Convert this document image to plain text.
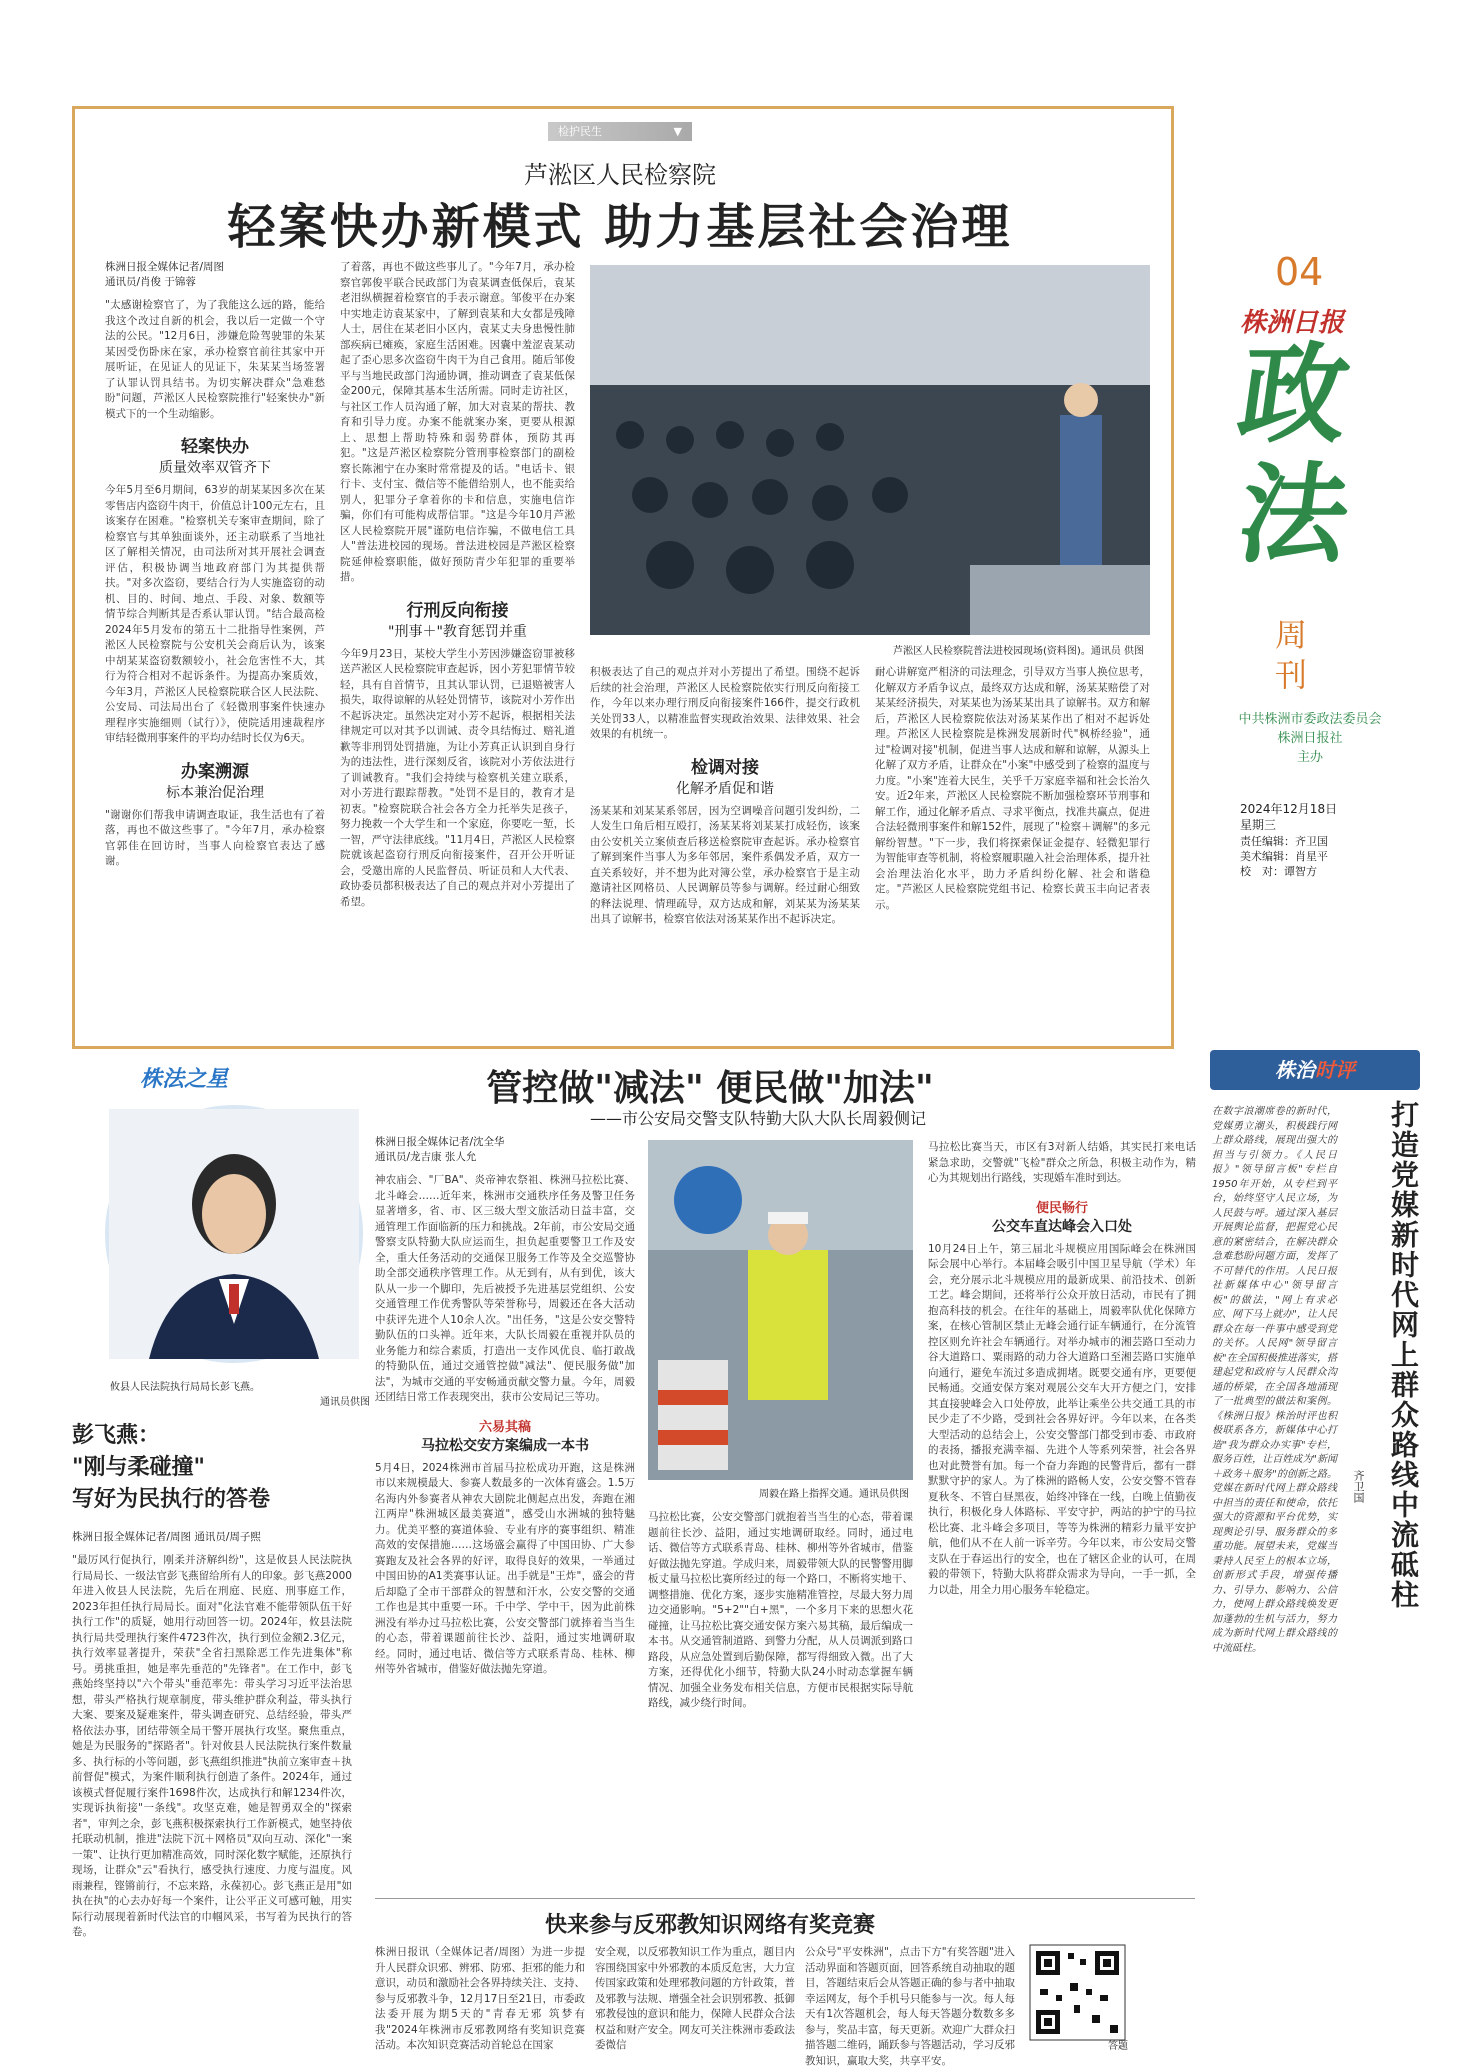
检护民生	▼
芦淞区人民检察院
轻案快办新模式 助力基层社会治理
株洲日报全媒体记者/周图
通讯员/肖俊 于锦蓉
"太感谢检察官了，为了我能这么远的路，能给我这个改过自新的机会，我以后一定做一个守法的公民。"12月6日，涉嫌危险驾驶罪的朱某某因受伤卧床在家，承办检察官前往其家中开展听证，在见证人的见证下，朱某某当场签署了认罪认罚具结书。为切实解决群众"急难愁盼"问题，芦淞区人民检察院推行"轻案快办"新模式下的一个生动缩影。
轻案快办
质量效率双管齐下
今年5月至6月期间，63岁的胡某某因多次在某零售店内盗窃牛肉干，价值总计100元左右，且该案存在困难。"检察机关专案审查期间，除了检察官与其单独面谈外，还主动联系了当地社区了解相关情况，由司法所对其开展社会调查评估，积极协调当地政府部门为其提供帮扶。"对多次盗窃，要结合行为人实施盗窃的动机、目的、时间、地点、手段、对象、数额等情节综合判断其是否系认罪认罚。"结合最高检2024年5月发布的第五十二批指导性案例，芦淞区人民检察院与公安机关会商后认为，该案中胡某某盗窃数额较小，社会危害性不大，其行为符合相对不起诉条件。为提高办案质效，今年3月，芦淞区人民检察院联合区人民法院、公安局、司法局出台了《轻微刑事案件快速办理程序实施细则（试行）》，使院适用速裁程序审结轻微刑事案件的平均办结时长仅为6天。
办案溯源
标本兼治促治理
"谢谢你们帮我申请调查取证，我生活也有了着落，再也不做这些事了。"今年7月，承办检察官郭佳在回访时，当事人向检察官表达了感谢。
了着落，再也不做这些事儿了。"今年7月，承办检察官郭俊平联合民政部门为袁某调查低保后，袁某老泪纵横握着检察官的手表示谢意。邹俊平在办案中实地走访袁某家中，了解到袁某和大女都是残障人士，居住在某老旧小区内，袁某丈夫身患慢性肺部疾病已瘫痪，家庭生活困难。因囊中羞涩袁某动起了歪心思多次盗窃牛肉干为自己食用。随后邹俊平与当地民政部门沟通协调，推动调查了袁某低保金200元，保障其基本生活所需。同时走访社区，与社区工作人员沟通了解，加大对袁某的帮扶、教育和引导力度。办案不能就案办案，更要从根源上、思想上帮助特殊和弱势群体，预防其再犯。"这是芦淞区检察院分管刑事检察部门的副检察长陈湘宁在办案时常常提及的话。"电话卡、银行卡、支付宝、微信等不能借给别人，也不能卖给别人，犯罪分子拿着你的卡和信息，实施电信诈骗，你们有可能构成帮信罪。"这是今年10月芦淞区人民检察院开展"谨防电信诈骗，不做电信工具人"普法进校园的现场。普法进校园是芦淞区检察院延伸检察职能，做好预防青少年犯罪的重要举措。
行刑反向衔接
"刑事＋"教育惩罚并重
今年9月23日，某校大学生小芳因涉嫌盗窃罪被移送芦淞区人民检察院审查起诉，因小芳犯罪情节较轻，具有自首情节，且其认罪认罚，已退赔被害人损失，取得谅解的从轻处罚情节，该院对小芳作出不起诉决定。虽然决定对小芳不起诉，根据相关法律规定可以对其予以训诫、责令具结悔过、赔礼道歉等非刑罚处罚措施，为让小芳真正认识到自身行为的违法性，进行深刻反省，该院对小芳依法进行了训诫教育。"我们会持续与检察机关建立联系，对小芳进行跟踪帮教。"处罚不是目的，教育才是初衷。"检察院联合社会各方全力托举失足孩子，努力挽救一个大学生和一个家庭，你要吃一堑，长一智，严守法律底线。"11月4日，芦淞区人民检察院就该起盗窃行刑反向衔接案件，召开公开听证会，受邀出席的人民监督员、听证员和人大代表、政协委员都积极表达了自己的观点并对小芳提出了希望。
芦淞区人民检察院普法进校园现场(资料图)。通讯员 供图
积极表达了自己的观点并对小芳提出了希望。围绕不起诉后续的社会治理，芦淞区人民检察院依实行刑反向衔接工作，今年以来办理行刑反向衔接案件166件，提交行政机关处罚33人，以精准监督实现政治效果、法律效果、社会效果的有机统一。
检调对接
化解矛盾促和谐
汤某某和刘某某系邻居，因为空调噪音问题引发纠纷，二人发生口角后相互殴打，汤某某将刘某某打成轻伤，该案由公安机关立案侦查后移送检察院审查起诉。承办检察官了解到案件当事人为多年邻居，案件系偶发矛盾，双方一直关系较好，并不想为此对簿公堂，承办检察官于是主动邀请社区网格员、人民调解员等参与调解。经过耐心细致的释法说理、情理疏导，双方达成和解，刘某某为汤某某出具了谅解书，检察官依法对汤某某作出不起诉决定。
耐心讲解宽严相济的司法理念，引导双方当事人换位思考，化解双方矛盾争议点，最终双方达成和解，汤某某赔偿了对某某经济损失，对某某也为汤某某出具了谅解书。双方和解后，芦淞区人民检察院依法对汤某某作出了相对不起诉处理。芦淞区人民检察院是株洲发展新时代"枫桥经验"，通过"检调对接"机制，促进当事人达成和解和谅解，从源头上化解了双方矛盾，让群众在"小案"中感受到了检察的温度与力度。"小案"连着大民生，关乎千万家庭幸福和社会长治久安。近2年来，芦淞区人民检察院不断加强检察环节刑事和解工作，通过化解矛盾点、寻求平衡点，找准共赢点，促进合法轻微刑事案件和解152件，展现了"检察＋调解"的多元解纷智慧。"下一步，我们将探索保证金提存、轻微犯罪行为智能审查等机制，将检察履职融入社会治理体系，提升社会治理法治化水平，助力矛盾纠纷化解、社会和谐稳定。"芦淞区人民检察院党组书记、检察长黄玉丰向记者表示。
04
株洲日报
政
法
周
刊
中共株洲市委政法委员会
株洲日报社
主办
2024年12月18日
星期三
责任编辑：齐卫国
美术编辑：肖星平
校　对：谭智方
株法之星
攸县人民法院执行局局长彭飞燕。
通讯员供图
彭飞燕：
"刚与柔碰撞"
写好为民执行的答卷
株洲日报全媒体记者/周图 通讯员/周子熙
"最厉风行促执行，刚柔并济解纠纷"，这是攸县人民法院执行局局长、一级法官彭飞燕留给所有人的印象。彭飞燕2000年进入攸县人民法院，先后在刑庭、民庭、刑事庭工作，2023年担任执行局局长。面对"化法官难不能带领队伍干好执行工作"的质疑，她用行动回答一切。2024年，攸县法院执行局共受理执行案件4723件次，执行到位金额2.3亿元，执行效率显著提升，荣获"全省扫黑除恶工作先进集体"称号。勇挑重担，她是率先垂范的"先锋者"。在工作中，彭飞燕始终坚持以"六个带头"垂范率先：带头学习习近平法治思想，带头严格执行规章制度，带头维护群众利益，带头执行大案、要案及疑难案件，带头调查研究、总结经验，带头严格依法办事，团结带领全局干警开展执行攻坚。聚焦重点，她是为民服务的"探路者"。针对攸县人民法院执行案件数量多、执行标的小等问题，彭飞燕组织推进"执前立案审查＋执前督促"模式，为案件顺利执行创造了条件。2024年，通过该模式督促履行案件1698件次，达成执行和解1234件次，实现诉执衔接"一条线"。攻坚克难，她是智勇双全的"探索者"，审判之余，彭飞燕积极探索执行工作新模式，她坚持依托联动机制，推进"法院下沉＋网格员"双向互动、深化"一案一策"、让执行更加精准高效，同时深化数字赋能，还原执行现场，让群众"云"看执行，感受执行速度、力度与温度。风雨兼程，铿锵前行，不忘来路，永葆初心。彭飞燕正是用"如执在执"的心去办好每一个案件，让公平正义可感可触，用实际行动展现着新时代法官的巾帼风采，书写着为民执行的答卷。
管控做"减法" 便民做"加法"
——市公安局交警支队特勤大队大队长周毅侧记
株洲日报全媒体记者/沈全华
通讯员/龙吉康 张人允
神农庙会、"厂BA"、炎帝神农祭祖、株洲马拉松比赛、北斗峰会……近年来，株洲市交通秩序任务及警卫任务显著增多，省、市、区三级大型文旅活动日益丰富，交通管理工作面临新的压力和挑战。2年前，市公安局交通警察支队特勤大队应运而生，担负起重要警卫工作及安全，重大任务活动的交通保卫服务工作等及全交巡警协助全部交通秩序管理工作。从无到有，从有到优，该大队从一步一个脚印，先后被授予先进基层党组织、公安交通管理工作优秀警队等荣誉称号，周毅还在各大活动中获评先进个人10余人次。"出任务，"这是公安交警特勤队伍的口头禅。近年来，大队长周毅在重视并队员的业务能力和综合素质，打造出一支作风优良、临打敢战的特勤队伍，通过交通管控做"减法"、便民服务做"加法"，为城市交通的平安畅通贡献交警力量。今年，周毅还团结日常工作表现突出，获市公安局记三等功。
六易其稿
马拉松交安方案编成一本书
5月4日，2024株洲市首届马拉松成功开跑，这是株洲市以来规模最大、参赛人数最多的一次体育盛会。1.5万名海内外参赛者从神农大剧院北侧起点出发，奔跑在湘江两岸"株洲城区最美赛道"，感受山水洲城的独特魅力。优美平整的赛道体验、专业有序的赛事组织、精准高效的安保措施……这场盛会赢得了中国田协、广大参赛跑友及社会各界的好评，取得良好的效果，一举通过中国田协的A1类赛事认证。出手就是"王炸"，盛会的背后却隐了全市干部群众的智慧和汗水，公安交警的交通工作也是其中重要一环。千中学、学中干，因为此前株洲没有举办过马拉松比赛，公安交警部门就捧着当当生的心态，带着课题前往长沙、益阳，通过实地调研取经。同时，通过电话、微信等方式联系青岛、桂林、柳州等外省城市，借鉴好做法抛先穿道。
周毅在路上指挥交通。通讯员供图
马拉松比赛，公安交警部门就抱着当当生的心态，带着课题前往长沙、益阳，通过实地调研取经。同时，通过电话、微信等方式联系青岛、桂林、柳州等外省城市，借鉴好做法抛先穿道。学成归来，周毅带领大队的民警警用脚板丈量马拉松比赛所经过的每一个路口，不断将实地干、调整措施、优化方案，逐步实施精准管控，尽最大努力周边交通影响。"5+2""白+黑"，一个多月下来的思想火花碰撞，让马拉松比赛交通安保方案六易其稿，最后编成一本书。从交通管制道路、到警力分配，从人员调派到路口路段，从应急处置到后勤保障，都写得细致入微。出了大方案，还得优化小细节，特勤大队24小时动态掌握车辆情况、加强全业务发布相关信息，方便市民根据实际导航路线，减少绕行时间。
马拉松比赛当天，市区有3对新人结婚，其实民打来电话紧急求助，交警就"飞检"群众之所急，积极主动作为，精心为其规划出行路线，实现婚车准时到达。
便民畅行
公交车直达峰会入口处
10月24日上午，第三届北斗规模应用国际峰会在株洲国际会展中心举行。本届峰会吸引中国卫星导航（学术）年会，充分展示北斗规模应用的最新成果、前沿技术、创新工艺。峰会期间，还将举行公众开放日活动，市民有了拥抱高科技的机会。在往年的基础上，周毅率队优化保障方案，在核心管制区禁止无峰会通行证车辆通行，在分流管控区则允许社会车辆通行。对举办城市的湘芸路口至动力谷大道路口、粟雨路的动力谷大道路口至湘芸路口实施单向通行，避免车流过多造成拥堵。既要交通有序，更要便民畅通。交通安保方案对观展公交车大开方便之门，安排其直接驶峰会入口处停放，此举让乘坐公共交通工具的市民少走了不少路，受到社会各界好评。今年以来，在各类大型活动的总结会上，公安交警部门都受到市委、市政府的表扬，播报充满幸福、先进个人等系列荣誉，社会各界也对此赞誉有加。每一个奋力奔跑的民警背后，都有一群默默守护的家人。为了株洲的路畅人安，公安交警不管春夏秋冬、不管白昼黑夜，始终冲锋在一线，白晚上值勤夜执行，积极化身人体路标、平安守护，两站的护宁的马拉松比赛、北斗峰会多项目，等等为株洲的精彩力量平安护航，他们从不在人前一诉辛劳。今年以来，市公安局交警支队在于春运出行的安全，也在了辖区企业的认可，在周毅的带领下，特勤大队将群众需求为导向，一手一抓，全力以赴，用全力用心服务车轮稳定。
快来参与反邪教知识网络有奖竞赛
株洲日报讯（全媒体记者/周图）为进一步提升人民群众识邪、辨邪、防邪、拒邪的能力和意识，动员和激励社会各界持续关注、支持、参与反邪教斗争，12月17日至21日，市委政法委开展为期5天的"青春无邪 筑梦有我"2024年株洲市反邪教网络有奖知识竞赛活动。本次知识竞赛活动首轮总在国家
安全观，以反邪教知识工作为重点，题目内容围绕国家中外邪教的本质反危害，大力宣传国家政策和处理邪教问题的方针政策，普及邪教与法规、增强全社会识别邪教、抵御邪教侵蚀的意识和能力，保障人民群众合法权益和财产安全。网友可关注株洲市委政法委微信
公众号"平安株洲"，点击下方"有奖答题"进入活动界面和答题页面，回答系统自动抽取的题目，答题结束后会从答题正确的参与者中抽取幸运网友，每个手机号只能参与一次。每人每天有1次答题机会，每人每天答题分数数多多参与，奖品丰富，每天更新。欢迎广大群众扫描答题二维码，踊跃参与答题活动，学习反邪教知识，赢取大奖，共享平安。
答题
株治时评
打造党媒新时代网上群众路线中流砥柱
齐卫国
在数字浪潮席卷的新时代，党媒勇立潮头，积极践行网上群众路线，展现出强大的担当与引领力。《人民日报》"领导留言板"专栏自1950年开始，从专栏到平台，始终坚守人民立场，为人民鼓与呼。通过深入基层开展舆论监督，把握党心民意的紧密结合，在解决群众急难愁盼问题方面，发挥了不可替代的作用。人民日报社新媒体中心"领导留言板"的做法，"网上有求必应、网下马上就办"，让人民群众在每一件事中感受到党的关怀。人民网"领导留言板"在全国积极推进落实，搭建起党和政府与人民群众沟通的桥梁，在全国各地涌现了一批典型的做法和案例。《株洲日报》株治时评也积极联系各方，新媒体中心打造"我为群众办实事"专栏，服务百姓，让百姓成为"新闻＋政务＋服务"的创新之路。党媒在新时代网上群众路线中担当的责任和使命，依托强大的资源和平台优势，实现舆论引导、服务群众的多重功能。展望未来，党媒当秉持人民至上的根本立场，创新形式手段，增强传播力、引导力、影响力、公信力，使网上群众路线焕发更加蓬勃的生机与活力，努力成为新时代网上群众路线的中流砥柱。
